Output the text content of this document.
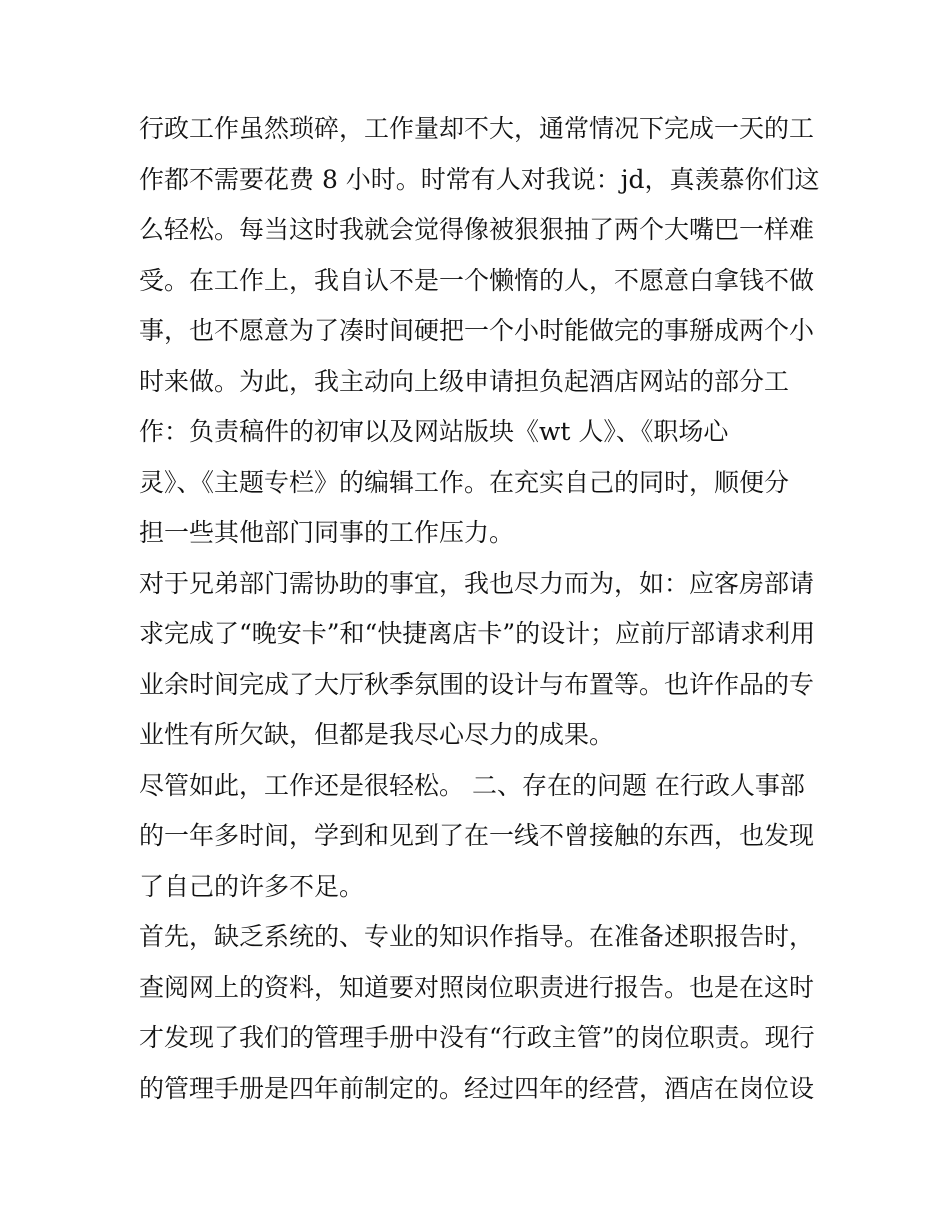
行政工作虽然琐碎，工作量却不大，通常情况下完成一天的工
作都不需要花费 8 小时。时常有人对我说：jd，真羡慕你们这
么轻松。每当这时我就会觉得像被狠狠抽了两个大嘴巴一样难
受。在工作上，我自认不是一个懒惰的人，不愿意白拿钱不做
事，也不愿意为了凑时间硬把一个小时能做完的事掰成两个小
时来做。为此，我主动向上级申请担负起酒店网站的部分工
作：负责稿件的初审以及网站版块《wt 人》、《职场心
灵》、《主题专栏》的编辑工作。在充实自己的同时，顺便分
担一些其他部门同事的工作压力。

对于兄弟部门需协助的事宜，我也尽力而为，如：应客房部请
求完成了“晚安卡”和“快捷离店卡”的设计；应前厅部请求利用
业余时间完成了大厅秋季氛围的设计与布置等。也许作品的专
业性有所欠缺，但都是我尽心尽力的成果。

尽管如此，工作还是很轻松。 二、存在的问题 在行政人事部
的一年多时间，学到和见到了在一线不曾接触的东西，也发现
了自己的许多不足。

首先，缺乏系统的、专业的知识作指导。在准备述职报告时，
查阅网上的资料，知道要对照岗位职责进行报告。也是在这时
才发现了我们的管理手册中没有“行政主管”的岗位职责。现行
的管理手册是四年前制定的。经过四年的经营，酒店在岗位设
